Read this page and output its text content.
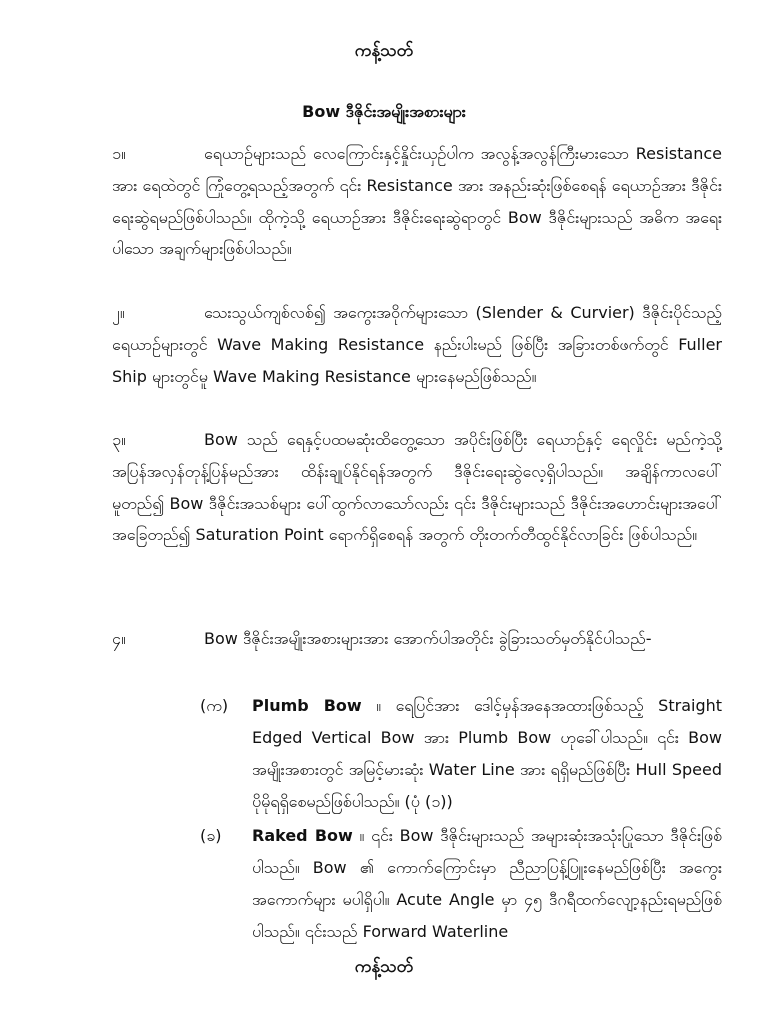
ကန့်သတ်
Bow ဒီဇိုင်းအမျိုးအစားများ
၁။	ရေယာဉ်များသည် လေကြောင်းနှင့်နှိုင်းယှဉ်ပါက အလွန့်အလွန်ကြီးမားသော Resistance အား ရေထဲတွင် ကြုံတွေ့ရသည့်အတွက် ၎င်း Resistance အား အနည်းဆုံးဖြစ်စေရန် ရေယာဉ်အား ဒီဇိုင်းရေးဆွဲရမည်ဖြစ်ပါသည်။ ထိုကဲ့သို့ ရေယာဉ်အား ဒီဇိုင်းရေးဆွဲရာတွင် Bow ဒီဇိုင်းများသည် အဓိက အရေးပါသော အချက်များဖြစ်ပါသည်။
၂။	သေးသွယ်ကျစ်လစ်၍ အကွေးအဝိုက်များသော (Slender & Curvier) ဒီဇိုင်းပိုင်သည့်ရေယာဉ်များတွင် Wave Making Resistance နည်းပါးမည် ဖြစ်ပြီး အခြားတစ်ဖက်တွင် Fuller Ship များတွင်မူ Wave Making Resistance များနေမည်ဖြစ်သည်။
၃။	Bow သည် ရေနှင့်ပထမဆုံးထိတွေ့သော အပိုင်းဖြစ်ပြီး ရေယာဉ်နှင့် ရေလှိုင်း မည်ကဲ့သို့ အပြန်အလှန်တုန့်ပြန်မည်အား ထိန်းချုပ်နိုင်ရန်အတွက် ဒီဇိုင်းရေးဆွဲလေ့ရှိပါသည်။ အချိန်ကာလပေါ်မူတည်၍ Bow ဒီဇိုင်းအသစ်များ ပေါ်ထွက်လာသော်လည်း ၎င်း ဒီဇိုင်းများသည် ဒီဇိုင်းအဟောင်းများအပေါ် အခြေတည်၍ Saturation Point ရောက်ရှိစေရန် အတွက် တိုးတက်တီထွင်နိုင်လာခြင်း ဖြစ်ပါသည်။
၄။	Bow ဒီဇိုင်းအမျိုးအစားများအား အောက်ပါအတိုင်း ခွဲခြားသတ်မှတ်နိုင်ပါသည်-
(က)	Plumb Bow ။ ရေပြင်အား ဒေါင့်မှန်အနေအထားဖြစ်သည့် Straight Edged Vertical Bow အား Plumb Bow ဟုခေါ်ပါသည်။ ၎င်း Bow အမျိုးအစားတွင် အမြင့်မားဆုံး Water Line အား ရရှိမည်ဖြစ်ပြီး Hull Speed ပိုမိုရရှိစေမည်ဖြစ်ပါသည်။ (ပုံ (၁))
(ခ)	Raked Bow ။ ၎င်း Bow ဒီဇိုင်းများသည် အများဆုံးအသုံးပြုသော ဒီဇိုင်းဖြစ်ပါသည်။ Bow ၏ ကောက်ကြောင်းမှာ ညီညာပြန့်ပြူးနေမည်ဖြစ်ပြီး အကွေးအကောက်များ မပါရှိပါ။ Acute Angle မှာ ၄၅ ဒီဂရီထက်လျော့နည်းရမည်ဖြစ်ပါသည်။ ၎င်းသည် Forward Waterline
ကန့်သတ်
